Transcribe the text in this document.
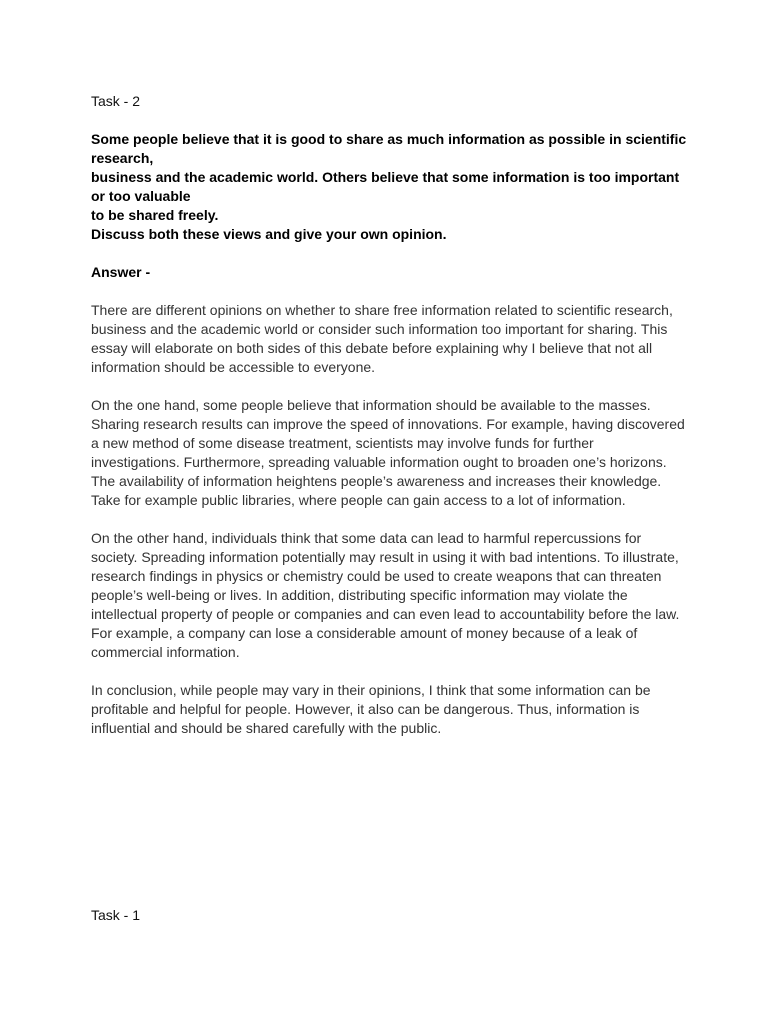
Task - 2

Some people believe that it is good to share as much information as possible in scientific
research,
business and the academic world. Others believe that some information is too important
or too valuable
to be shared freely.
Discuss both these views and give your own opinion.

Answer -

There are different opinions on whether to share free information related to scientific research,
business and the academic world or consider such information too important for sharing. This
essay will elaborate on both sides of this debate before explaining why I believe that not all
information should be accessible to everyone.

On the one hand, some people believe that information should be available to the masses.
Sharing research results can improve the speed of innovations. For example, having discovered
a new method of some disease treatment, scientists may involve funds for further
investigations. Furthermore, spreading valuable information ought to broaden one’s horizons.
The availability of information heightens people’s awareness and increases their knowledge.
Take for example public libraries, where people can gain access to a lot of information.

On the other hand, individuals think that some data can lead to harmful repercussions for
society. Spreading information potentially may result in using it with bad intentions. To illustrate,
research findings in physics or chemistry could be used to create weapons that can threaten
people’s well-being or lives. In addition, distributing specific information may violate the
intellectual property of people or companies and can even lead to accountability before the law.
For example, a company can lose a considerable amount of money because of a leak of
commercial information.

In conclusion, while people may vary in their opinions, I think that some information can be
profitable and helpful for people. However, it also can be dangerous. Thus, information is
influential and should be shared carefully with the public.

Task - 1
